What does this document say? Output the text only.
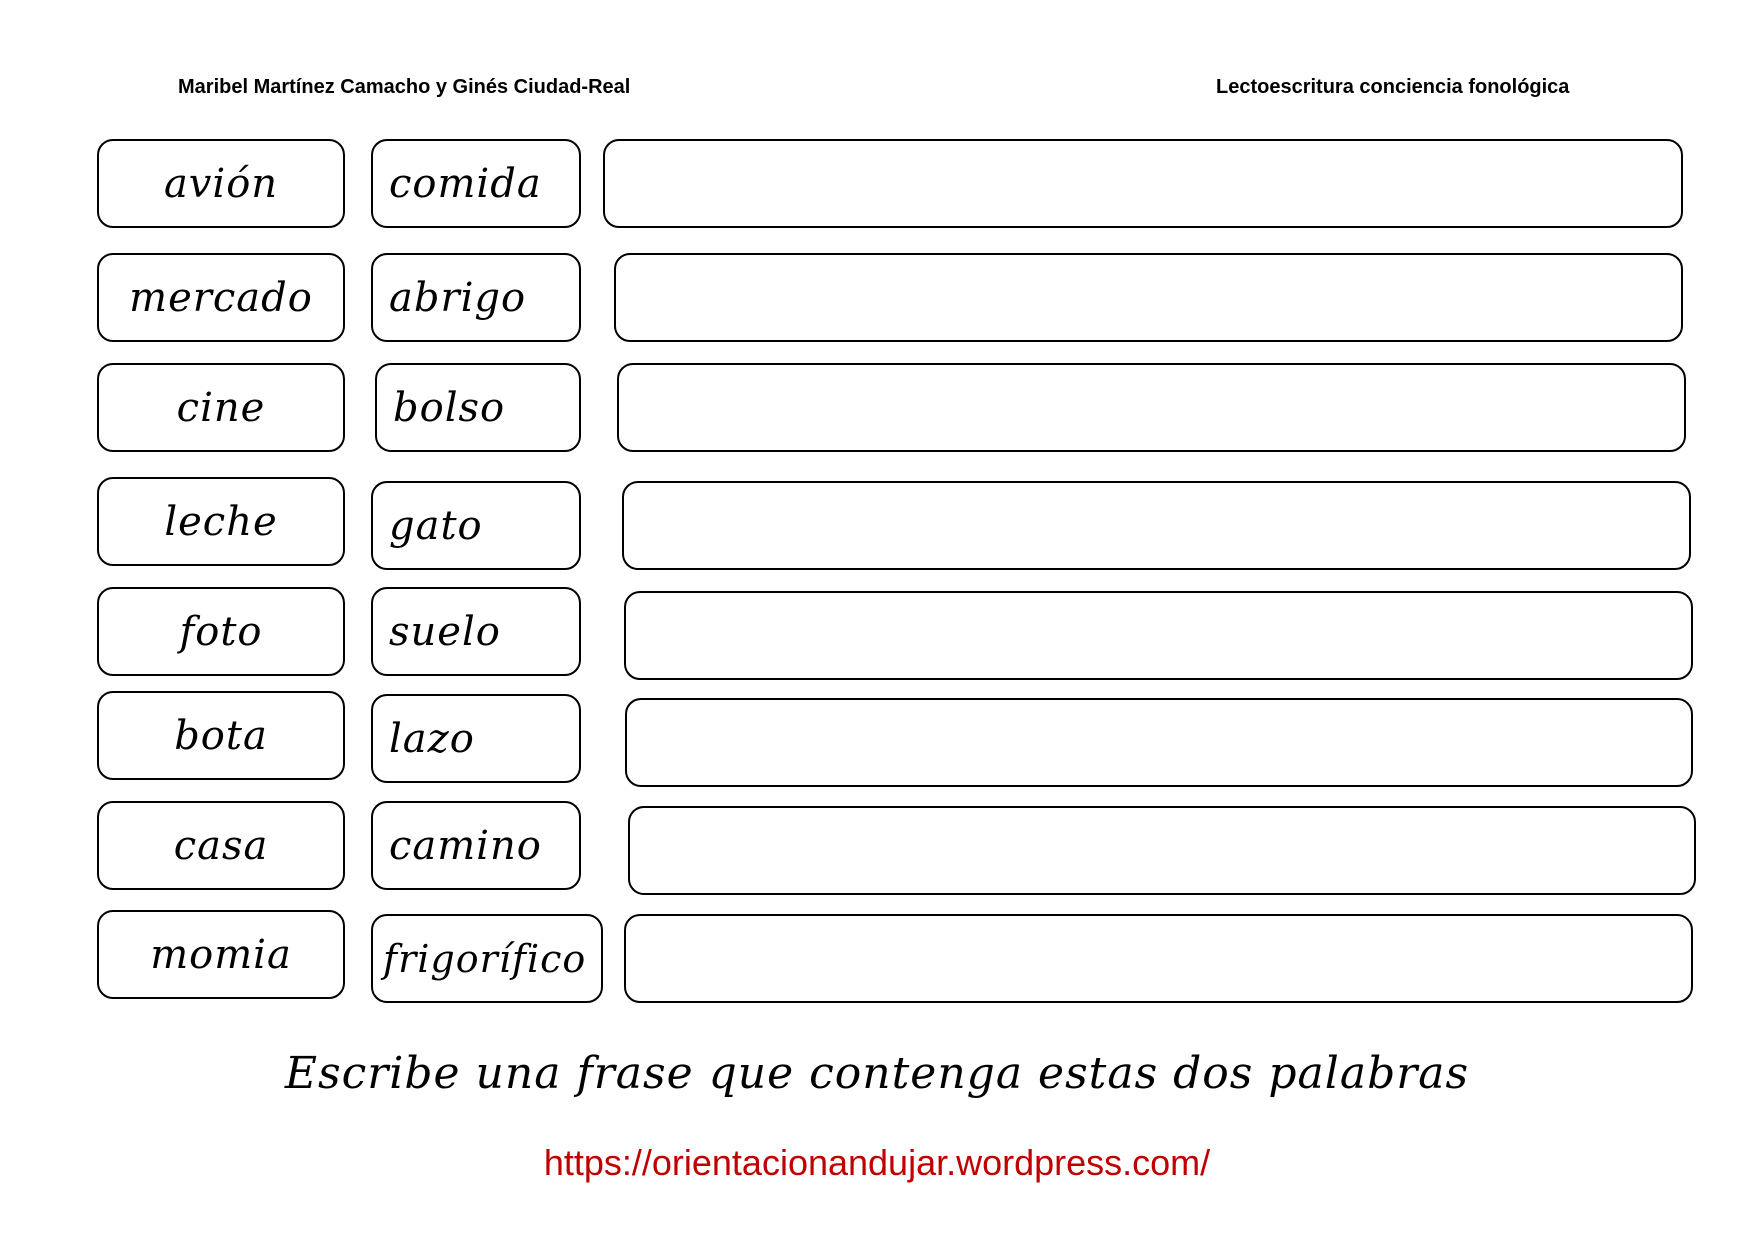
Maribel Martínez Camacho y Ginés Ciudad-Real	Lectoescritura conciencia fonológica
avión	comida
mercado	abrigo
cine	bolso
leche	gato
foto	suelo
bota	lazo
casa	camino
momia	frigorífico
Escribe una frase que contenga estas dos palabras
https://orientacionandujar.wordpress.com/
